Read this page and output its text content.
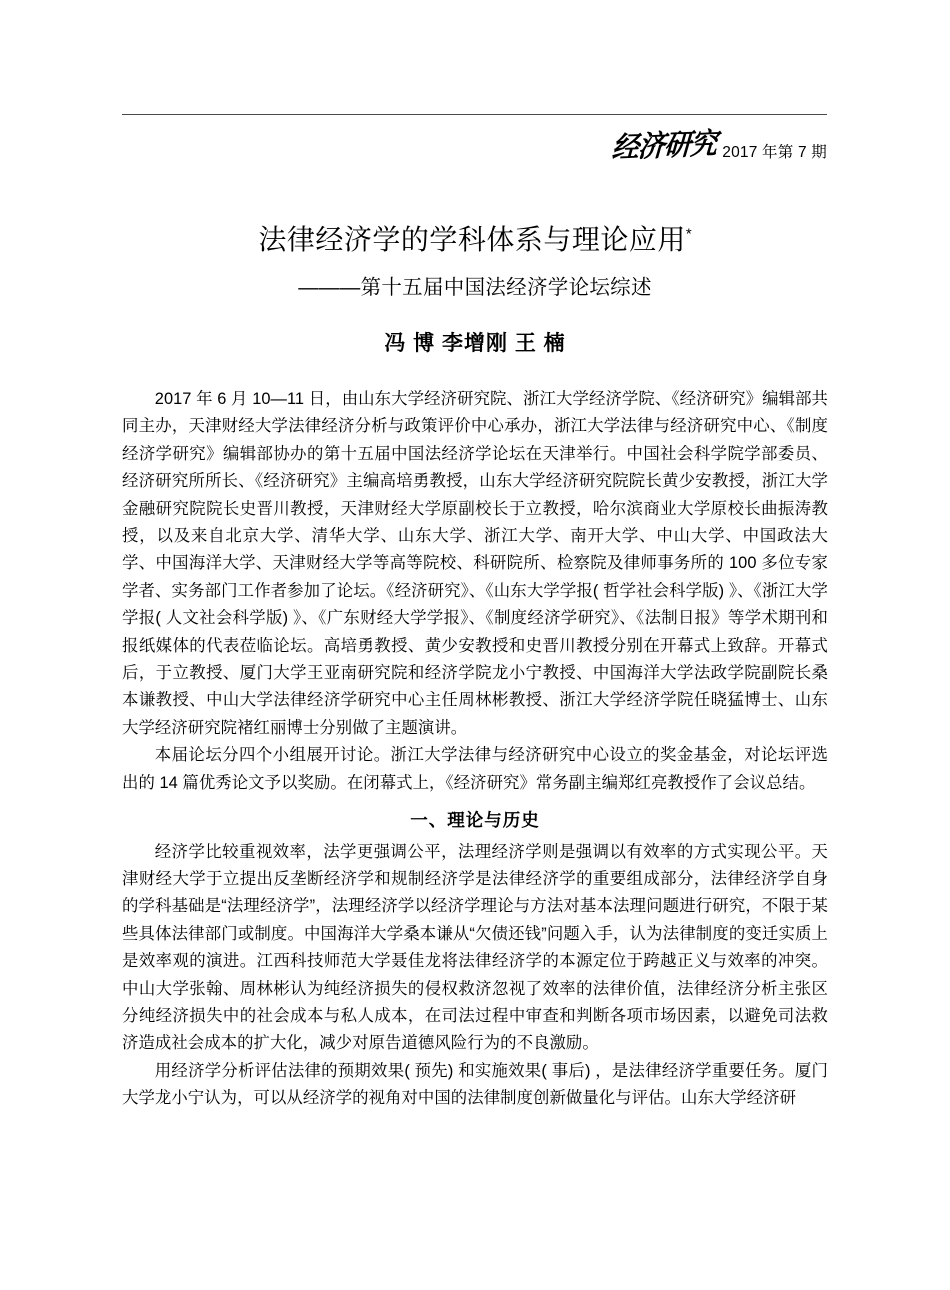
经济研究 2017 年第 7 期
法律经济学的学科体系与理论应用*
———第十五届中国法经济学论坛综述
冯 博 李增刚 王 楠

2017 年 6 月 10—11 日，由山东大学经济研究院、浙江大学经济学院、《经济研究》编辑部共同主办，天津财经大学法律经济分析与政策评价中心承办，浙江大学法律与经济研究中心、《制度经济学研究》编辑部协办的第十五届中国法经济学论坛在天津举行。中国社会科学院学部委员、经济研究所所长、《经济研究》主编高培勇教授，山东大学经济研究院院长黄少安教授，浙江大学金融研究院院长史晋川教授，天津财经大学原副校长于立教授，哈尔滨商业大学原校长曲振涛教授，以及来自北京大学、清华大学、山东大学、浙江大学、南开大学、中山大学、中国政法大学、中国海洋大学、天津财经大学等高等院校、科研院所、检察院及律师事务所的 100 多位专家学者、实务部门工作者参加了论坛。《经济研究》、《山东大学学报( 哲学社会科学版) 》、《浙江大学学报( 人文社会科学版) 》、《广东财经大学学报》、《制度经济学研究》、《法制日报》等学术期刊和报纸媒体的代表莅临论坛。高培勇教授、黄少安教授和史晋川教授分别在开幕式上致辞。开幕式后，于立教授、厦门大学王亚南研究院和经济学院龙小宁教授、中国海洋大学法政学院副院长桑本谦教授、中山大学法律经济学研究中心主任周林彬教授、浙江大学经济学院任晓猛博士、山东大学经济研究院褚红丽博士分别做了主题演讲。

本届论坛分四个小组展开讨论。浙江大学法律与经济研究中心设立的奖金基金，对论坛评选出的 14 篇优秀论文予以奖励。在闭幕式上，《经济研究》常务副主编郑红亮教授作了会议总结。

一、理论与历史

经济学比较重视效率，法学更强调公平，法理经济学则是强调以有效率的方式实现公平。天津财经大学于立提出反垄断经济学和规制经济学是法律经济学的重要组成部分，法律经济学自身的学科基础是“法理经济学”，法理经济学以经济学理论与方法对基本法理问题进行研究，不限于某些具体法律部门或制度。中国海洋大学桑本谦从“欠债还钱”问题入手，认为法律制度的变迁实质上是效率观的演进。江西科技师范大学聂佳龙将法律经济学的本源定位于跨越正义与效率的冲突。中山大学张翰、周林彬认为纯经济损失的侵权救济忽视了效率的法律价值，法律经济分析主张区分纯经济损失中的社会成本与私人成本，在司法过程中审查和判断各项市场因素，以避免司法救济造成社会成本的扩大化，减少对原告道德风险行为的不良激励。

用经济学分析评估法律的预期效果( 预先) 和实施效果( 事后) ，是法律经济学重要任务。厦门大学龙小宁认为，可以从经济学的视角对中国的法律制度创新做量化与评估。山东大学经济研
